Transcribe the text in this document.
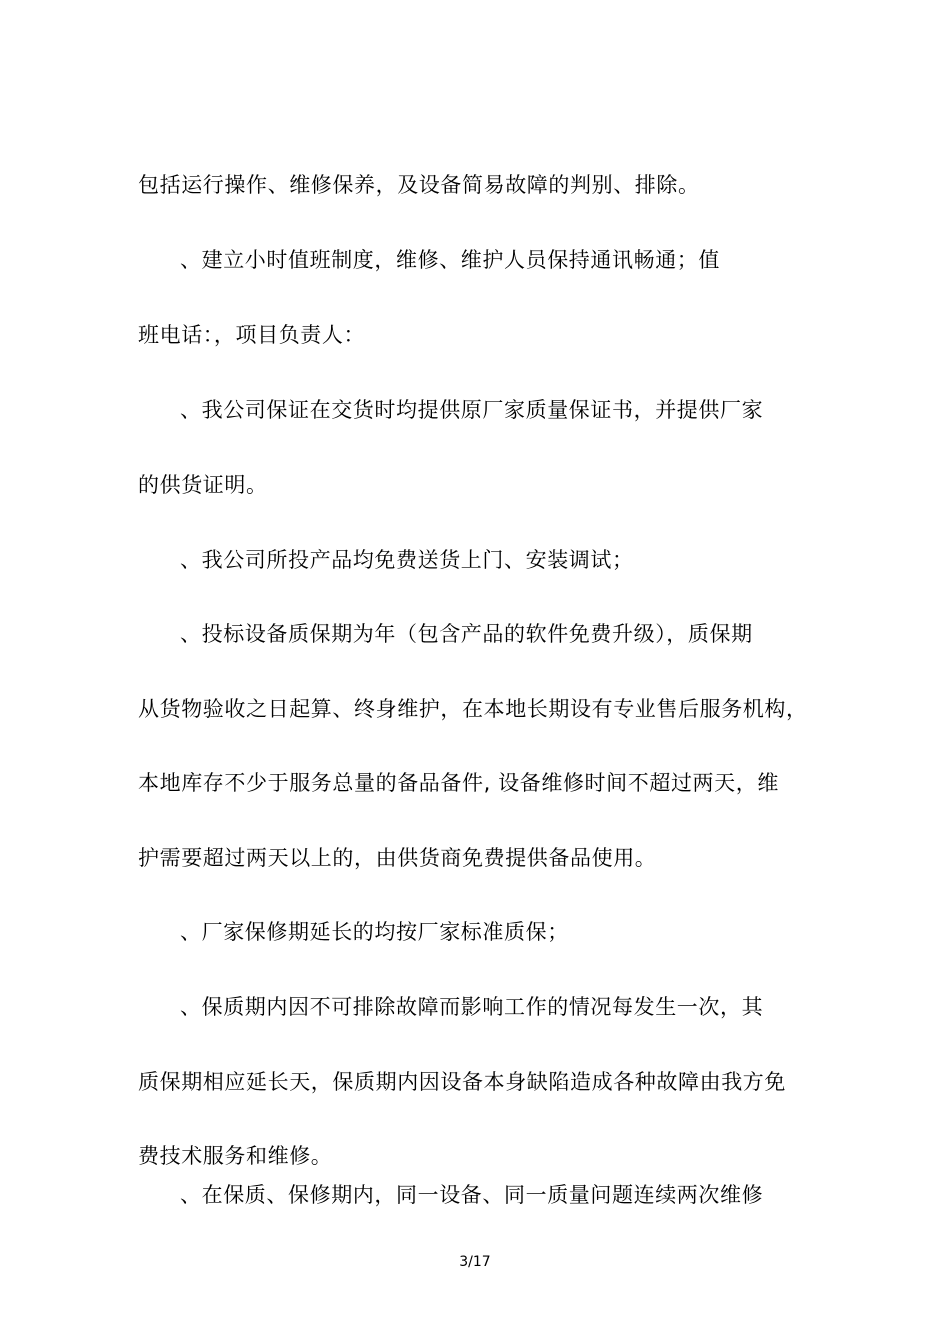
包括运行操作、维修保养，及设备简易故障的判别、排除。
、建立小时值班制度，维修、维护人员保持通讯畅通；值
班电话：，项目负责人：
、我公司保证在交货时均提供原厂家质量保证书，并提供厂家
的供货证明。
、我公司所投产品均免费送货上门、安装调试；
、投标设备质保期为年（包含产品的软件免费升级），质保期
从货物验收之日起算、终身维护，在本地长期设有专业售后服务机构，
本地库存不少于服务总量的备品备件, 设备维修时间不超过两天，维
护需要超过两天以上的，由供货商免费提供备品使用。
、厂家保修期延长的均按厂家标准质保；
、保质期内因不可排除故障而影响工作的情况每发生一次，其
质保期相应延长天，保质期内因设备本身缺陷造成各种故障由我方免
费技术服务和维修。
、在保质、保修期内，同一设备、同一质量问题连续两次维修
3/17
